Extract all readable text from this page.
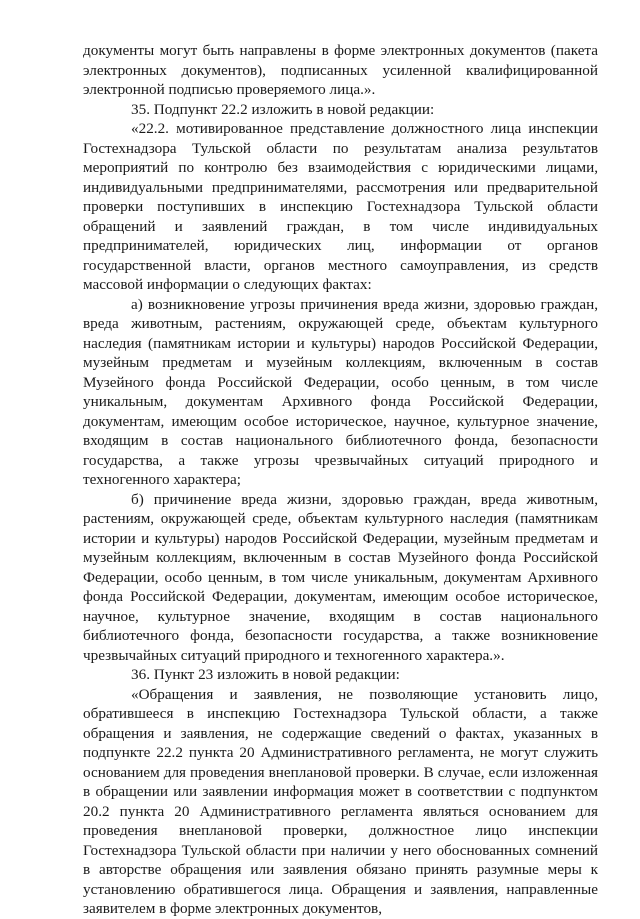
документы могут быть направлены в форме электронных документов (пакета электронных документов), подписанных усиленной квалифицированной электронной подписью проверяемого лица.».

35. Подпункт 22.2 изложить в новой редакции:

«22.2. мотивированное представление должностного лица инспекции Гостехнадзора Тульской области по результатам анализа результатов мероприятий по контролю без взаимодействия с юридическими лицами, индивидуальными предпринимателями, рассмотрения или предварительной проверки поступивших в инспекцию Гостехнадзора Тульской области обращений и заявлений граждан, в том числе индивидуальных предпринимателей, юридических лиц, информации от органов государственной власти, органов местного самоуправления, из средств массовой информации о следующих фактах:

а) возникновение угрозы причинения вреда жизни, здоровью граждан, вреда животным, растениям, окружающей среде, объектам культурного наследия (памятникам истории и культуры) народов Российской Федерации, музейным предметам и музейным коллекциям, включенным в состав Музейного фонда Российской Федерации, особо ценным, в том числе уникальным, документам Архивного фонда Российской Федерации, документам, имеющим особое историческое, научное, культурное значение, входящим в состав национального библиотечного фонда, безопасности государства, а также угрозы чрезвычайных ситуаций природного и техногенного характера;

б) причинение вреда жизни, здоровью граждан, вреда животным, растениям, окружающей среде, объектам культурного наследия (памятникам истории и культуры) народов Российской Федерации, музейным предметам и музейным коллекциям, включенным в состав Музейного фонда Российской Федерации, особо ценным, в том числе уникальным, документам Архивного фонда Российской Федерации, документам, имеющим особое историческое, научное, культурное значение, входящим в состав национального библиотечного фонда, безопасности государства, а также возникновение чрезвычайных ситуаций природного и техногенного характера.».

36. Пункт 23 изложить в новой редакции:

«Обращения и заявления, не позволяющие установить лицо, обратившееся в инспекцию Гостехнадзора Тульской области, а также обращения и заявления, не содержащие сведений о фактах, указанных в подпункте 22.2 пункта 20 Административного регламента, не могут служить основанием для проведения внеплановой проверки. В случае, если изложенная в обращении или заявлении информация может в соответствии с подпунктом 20.2 пункта 20 Административного регламента являться основанием для проведения внеплановой проверки, должностное лицо инспекции Гостехнадзора Тульской области при наличии у него обоснованных сомнений в авторстве обращения или заявления обязано принять разумные меры к установлению обратившегося лица. Обращения и заявления, направленные заявителем в форме электронных документов,
